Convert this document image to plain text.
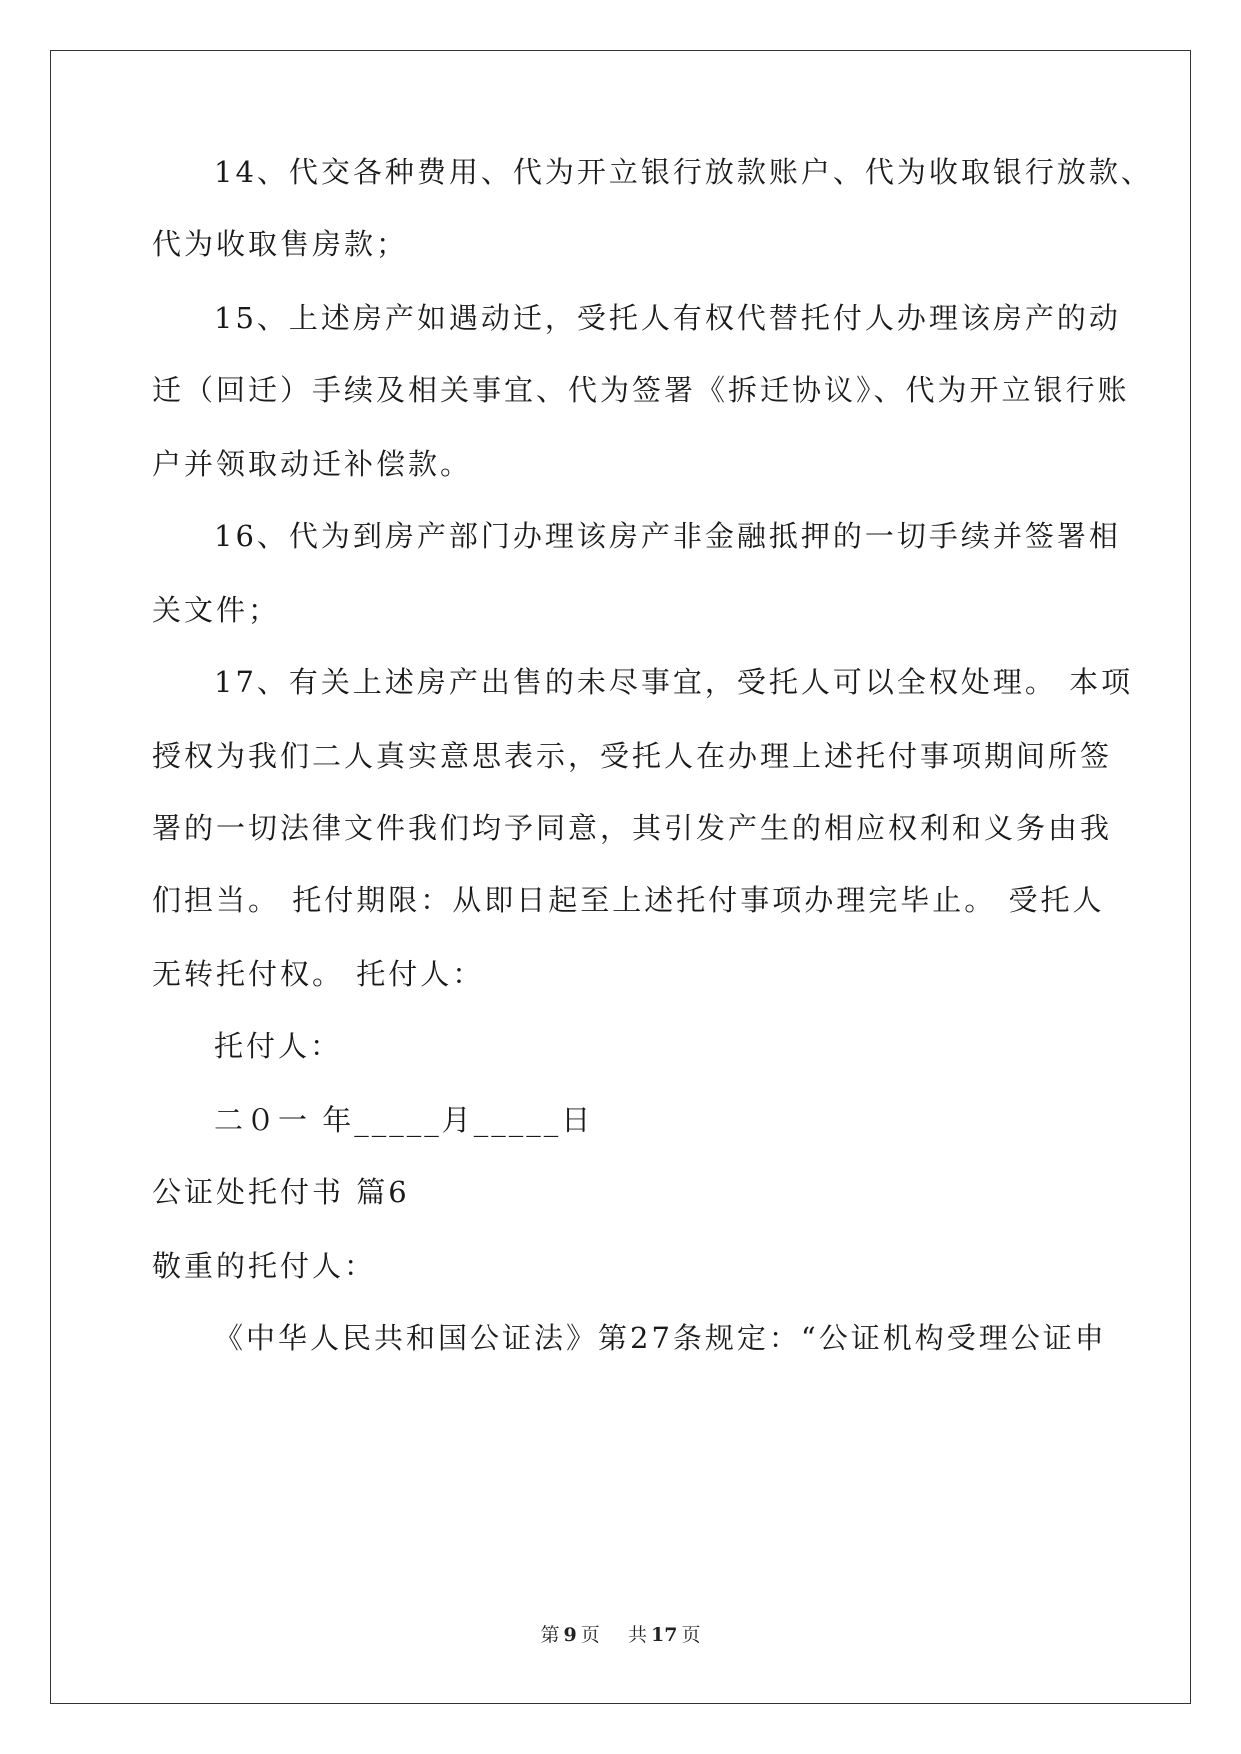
14、代交各种费用、代为开立银行放款账户、代为收取银行放款、
代为收取售房款；
15、上述房产如遇动迁，受托人有权代替托付人办理该房产的动
迁（回迁）手续及相关事宜、代为签署《拆迁协议》、代为开立银行账
户并领取动迁补偿款。
16、代为到房产部门办理该房产非金融抵押的一切手续并签署相
关文件；
17、有关上述房产出售的未尽事宜，受托人可以全权处理。 本项
授权为我们二人真实意思表示，受托人在办理上述托付事项期间所签
署的一切法律文件我们均予同意，其引发产生的相应权利和义务由我
们担当。 托付期限：从即日起至上述托付事项办理完毕止。 受托人
无转托付权。 托付人：
托付人：
二０一 年_____月_____日
公证处托付书 篇6
敬重的托付人：
《中华人民共和国公证法》第27条规定：“公证机构受理公证申
第 9 页 共 17 页
